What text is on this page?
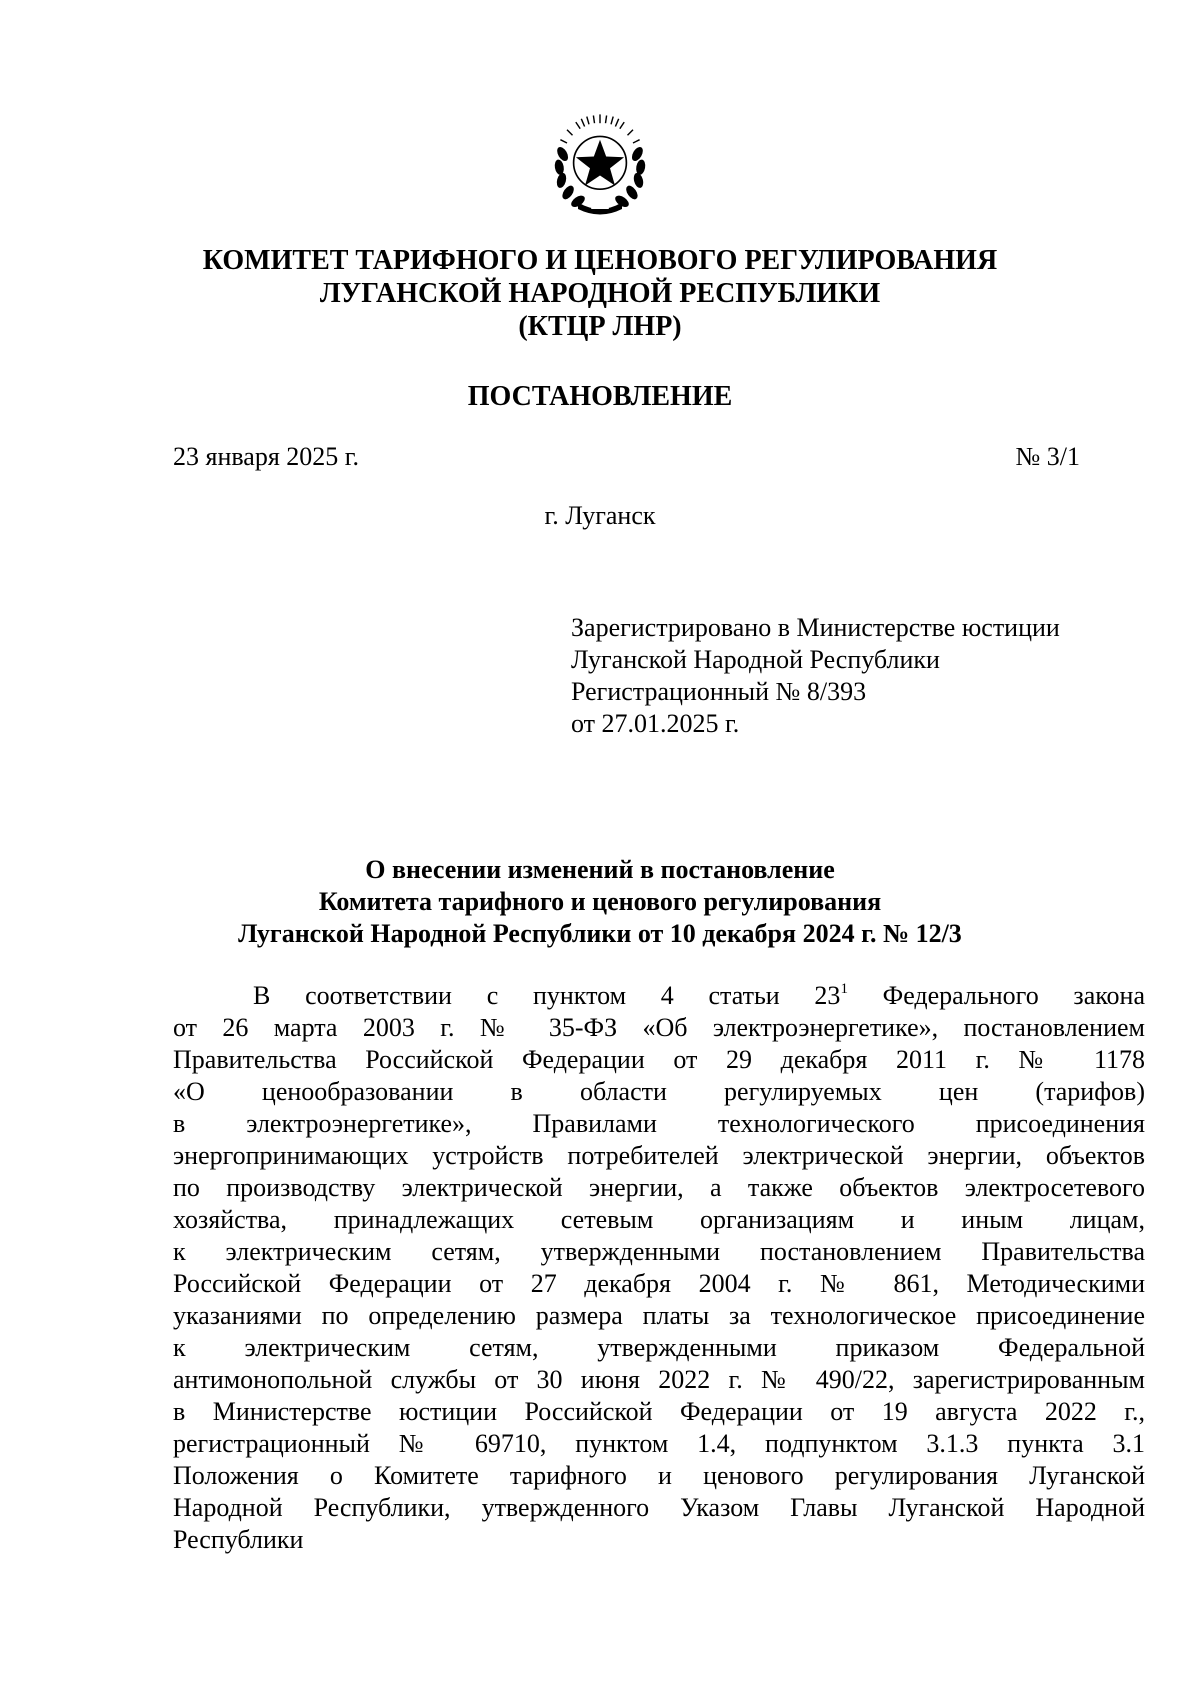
КОМИТЕТ ТАРИФНОГО И ЦЕНОВОГО РЕГУЛИРОВАНИЯ
ЛУГАНСКОЙ НАРОДНОЙ РЕСПУБЛИКИ
(КТЦР ЛНР)
ПОСТАНОВЛЕНИЕ
23 января 2025 г.	№ 3/1
г. Луганск
Зарегистрировано в Министерстве юстиции
Луганской Народной Республики
Регистрационный № 8/393
от 27.01.2025 г.
О внесении изменений в постановление
Комитета тарифного и ценового регулирования
Луганской Народной Республики от 10 декабря 2024 г. № 12/3
В соответствии с пунктом 4 статьи $23^1$ Федерального закона
от 26 марта 2003 г. № 35-ФЗ «Об электроэнергетике», постановлением
Правительства Российской Федерации от 29 декабря 2011 г. № 1178
«О ценообразовании в области регулируемых цен (тарифов)
в электроэнергетике», Правилами технологического присоединения
энергопринимающих устройств потребителей электрической энергии, объектов
по производству электрической энергии, а также объектов электросетевого
хозяйства, принадлежащих сетевым организациям и иным лицам,
к электрическим сетям, утвержденными постановлением Правительства
Российской Федерации от 27 декабря 2004 г. № 861, Методическими
указаниями по определению размера платы за технологическое присоединение
к электрическим сетям, утвержденными приказом Федеральной
антимонопольной службы от 30 июня 2022 г. № 490/22, зарегистрированным
в Министерстве юстиции Российской Федерации от 19 августа 2022 г.,
регистрационный № 69710, пунктом 1.4, подпунктом 3.1.3 пункта 3.1
Положения о Комитете тарифного и ценового регулирования Луганской
Народной Республики, утвержденного Указом Главы Луганской Народной
Республики
